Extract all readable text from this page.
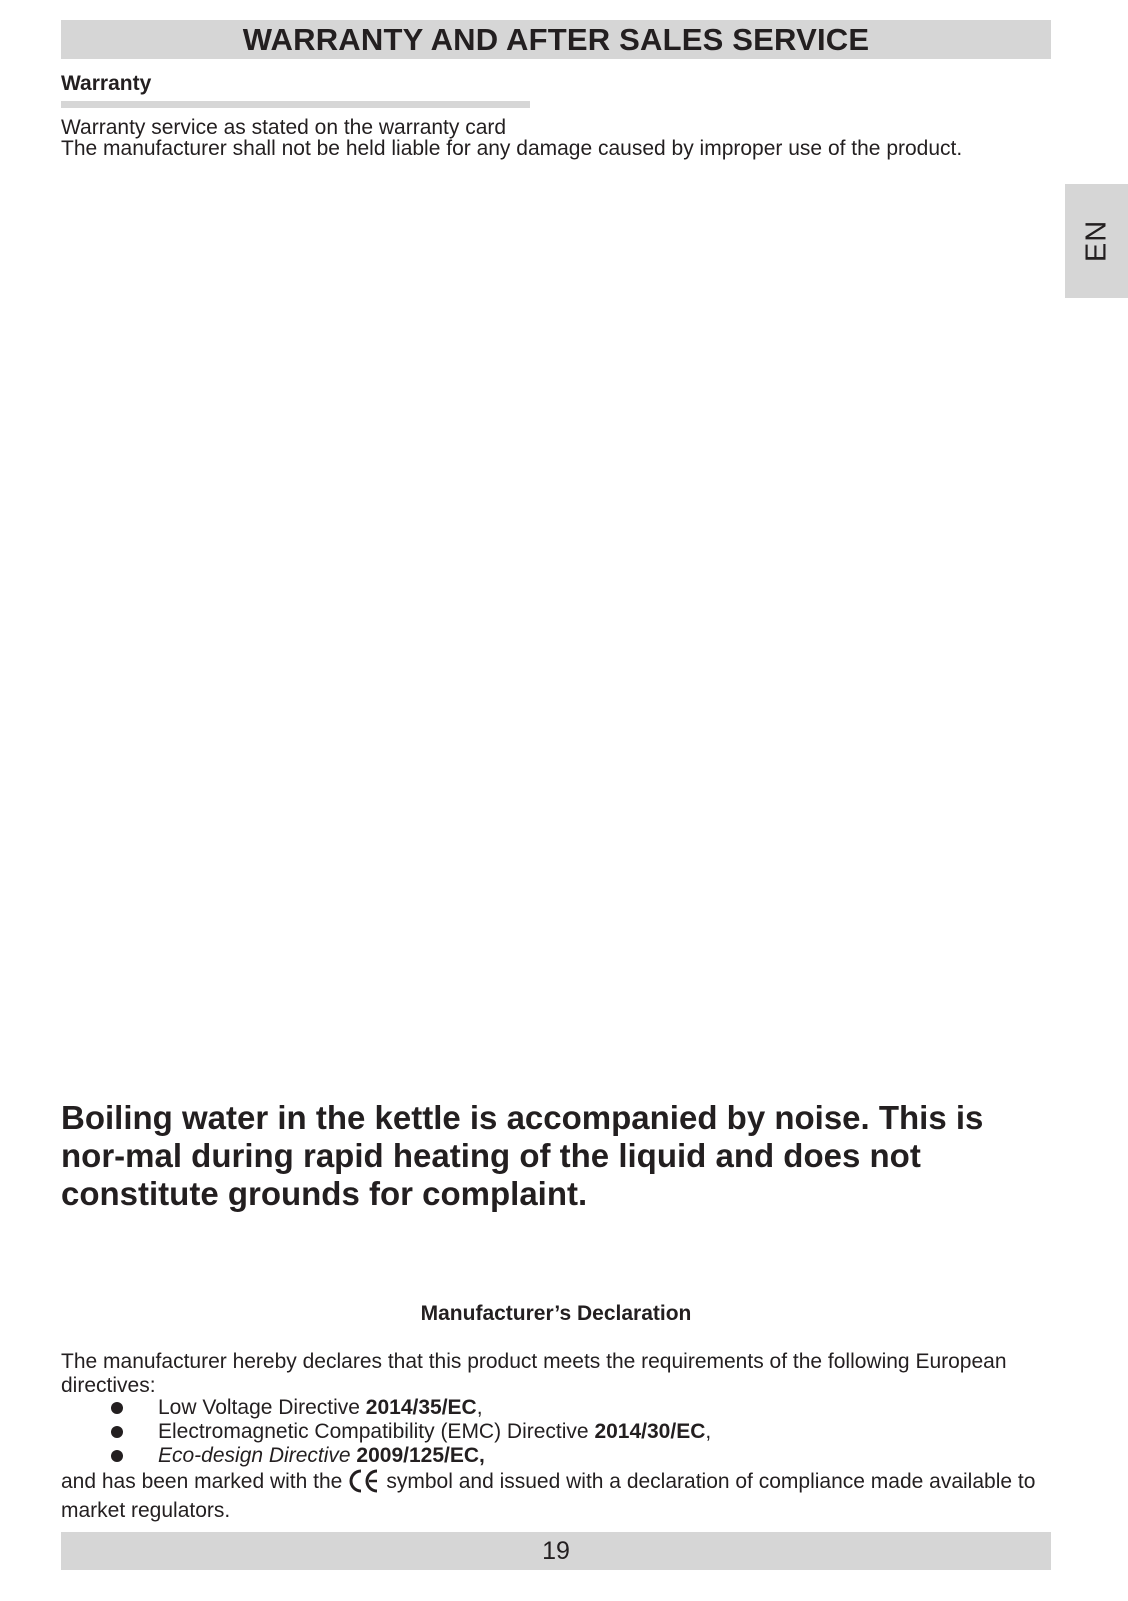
WARRANTY AND AFTER SALES SERVICE
Warranty
Warranty service as stated on the warranty card
The manufacturer shall not be held liable for any damage caused by improper use of the product.
EN
Boiling water in the kettle is accompanied by noise. This is nor-mal during rapid heating of the liquid and does not constitute grounds for complaint.
Manufacturer’s Declaration
The manufacturer hereby declares that this product meets the requirements of the following European directives:
Low Voltage Directive 2014/35/EC,
Electromagnetic Compatibility (EMC) Directive 2014/30/EC,
Eco-design Directive 2009/125/EC,
and has been marked with the symbol and issued with a declaration of compliance made available to market regulators.
19
